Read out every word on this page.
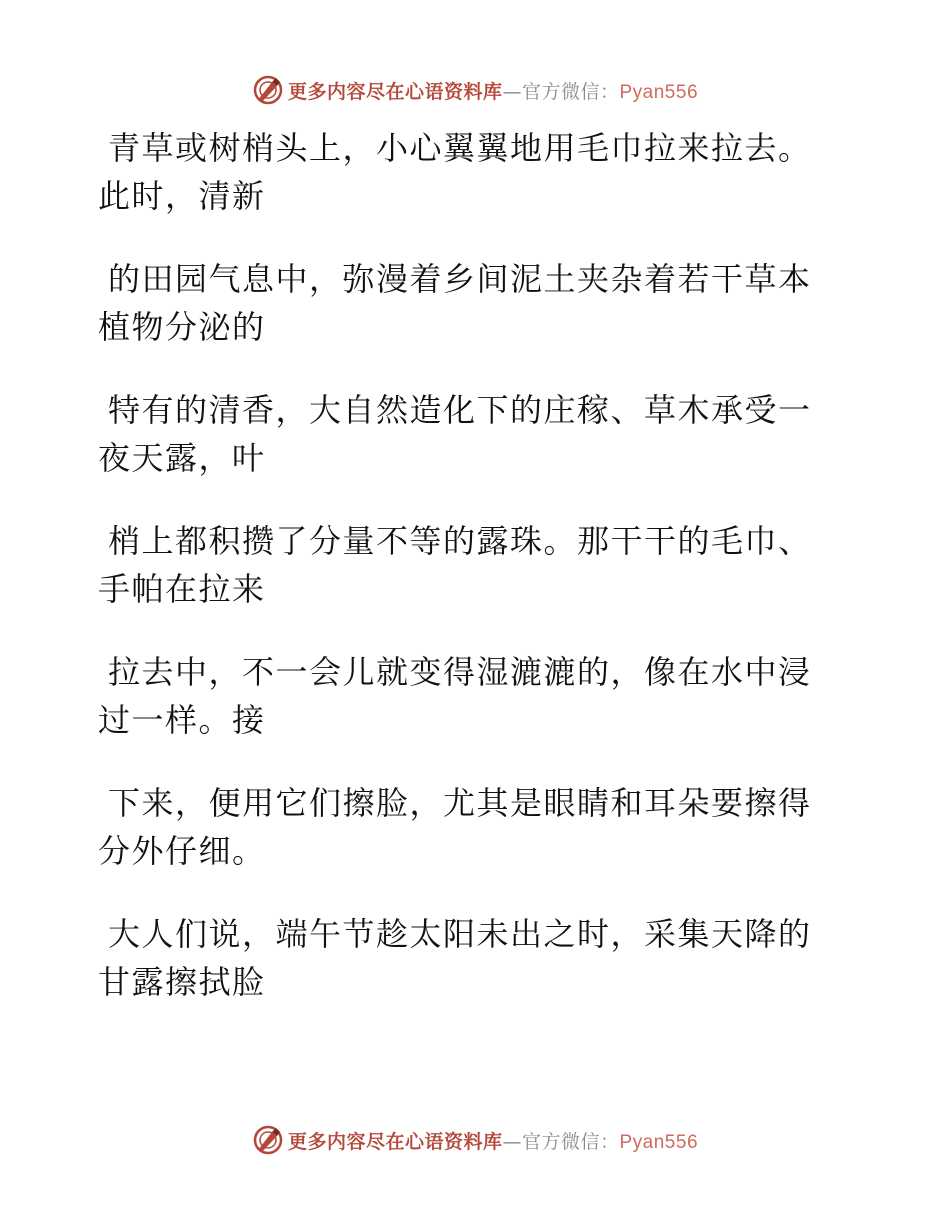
更多内容尽在心语资料库—官方微信：Pyan556

青草或树梢头上，小心翼翼地用毛巾拉来拉去。
此时，清新

的田园气息中，弥漫着乡间泥土夹杂着若干草本
植物分泌的

特有的清香，大自然造化下的庄稼、草木承受一
夜天露，叶

梢上都积攒了分量不等的露珠。那干干的毛巾、
手帕在拉来

拉去中，不一会儿就变得湿漉漉的，像在水中浸
过一样。接

下来，便用它们擦脸，尤其是眼睛和耳朵要擦得
分外仔细。

大人们说，端午节趁太阳未出之时，采集天降的
甘露擦拭脸

更多内容尽在心语资料库—官方微信：Pyan556
